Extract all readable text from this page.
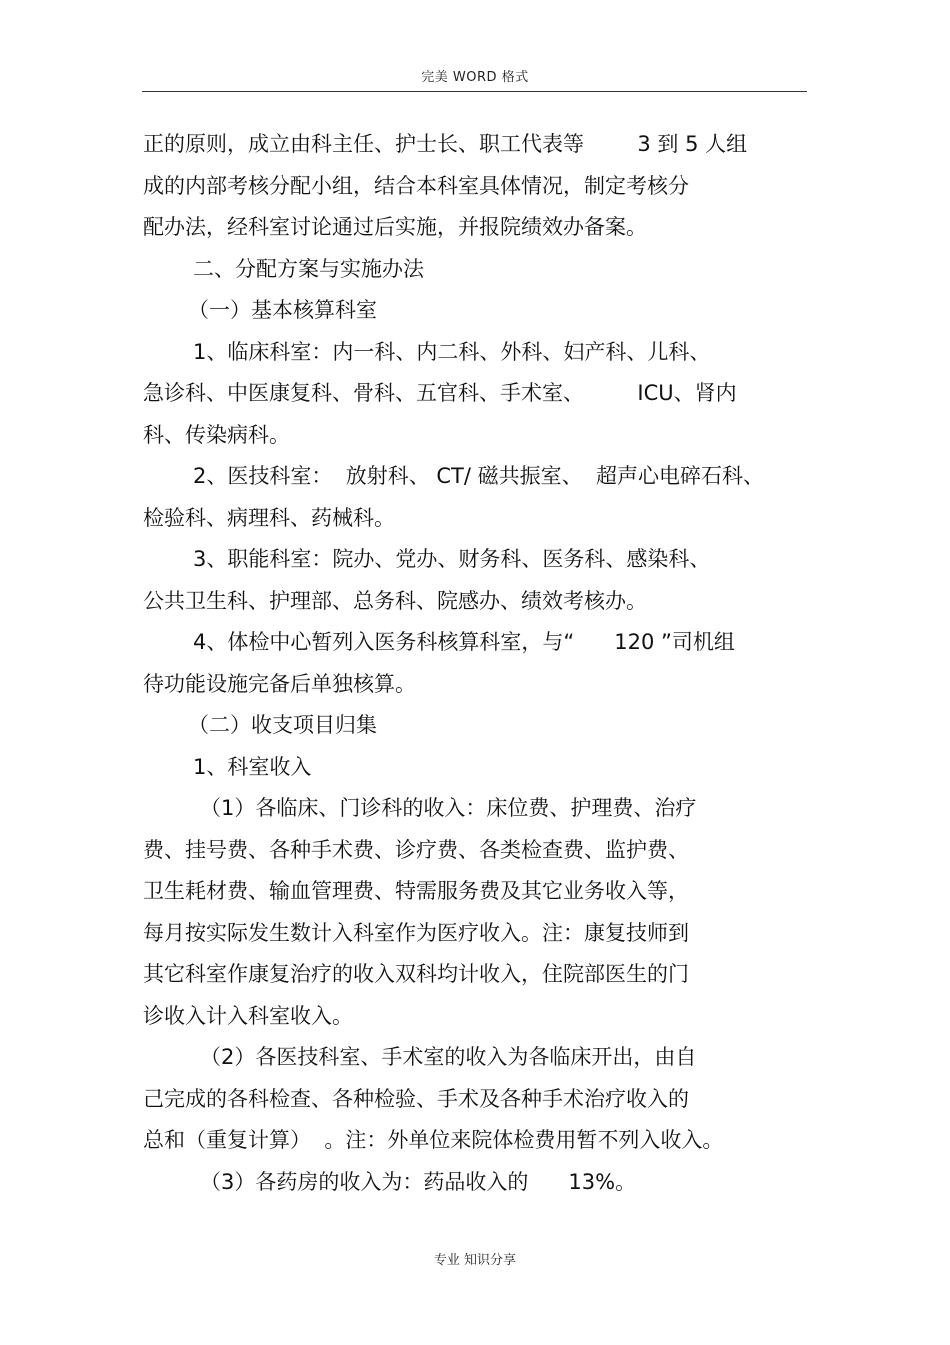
完美 WORD 格式
正的原则，成立由科主任、护士长、职工代表等        3 到 5 人组
成的内部考核分配小组，结合本科室具体情况，制定考核分
配办法，经科室讨论通过后实施，并报院绩效办备案。
二、分配方案与实施办法
（一）基本核算科室
1、临床科室：内一科、内二科、外科、妇产科、儿科、
急诊科、中医康复科、骨科、五官科、手术室、        ICU、肾内
科、传染病科。
2、医技科室：  放射科、 CT/ 磁共振室、  超声心电碎石科、
检验科、病理科、药械科。
3、职能科室：院办、党办、财务科、医务科、感染科、
公共卫生科、护理部、总务科、院感办、绩效考核办。
4、体检中心暂列入医务科核算科室，与“      120 ”司机组
待功能设施完备后单独核算。
（二）收支项目归集
1、科室收入
（1）各临床、门诊科的收入：床位费、护理费、治疗
费、挂号费、各种手术费、诊疗费、各类检查费、监护费、
卫生耗材费、输血管理费、特需服务费及其它业务收入等，
每月按实际发生数计入科室作为医疗收入。注：康复技师到
其它科室作康复治疗的收入双科均计收入，住院部医生的门
诊收入计入科室收入。
（2）各医技科室、手术室的收入为各临床开出，由自
己完成的各科检查、各种检验、手术及各种手术治疗收入的
总和（重复计算）  。注：外单位来院体检费用暂不列入收入。
（3）各药房的收入为：药品收入的      13%。
专业 知识分享
